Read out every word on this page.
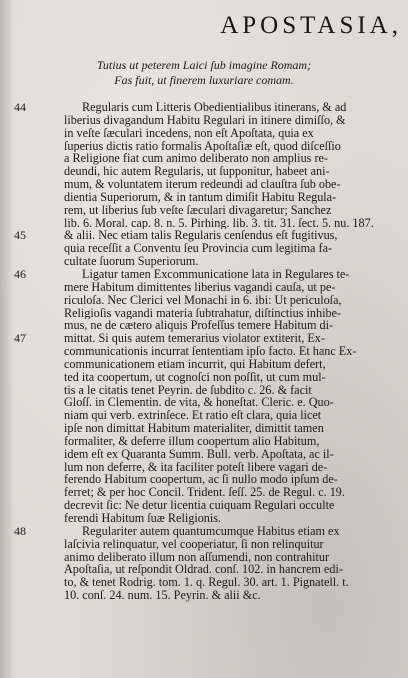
APOSTASIA,
Tutius ut peterem Laici ſub imagine Romam;
Fas fuit, ut finerem luxuriare comam.
44	Regularis cum Litteris Obedientialibus itinerans, & ad
liberius divagandum Habitu Regulari in itinere dimiſſo, &
in veſte ſæculari incedens, non eſt Apoſtata, quia ex
ſuperius dictis ratio formalis Apoſtaſiæ eſt, quod diſceſſio
a Religione fiat cum animo deliberato non amplius re-
deundi, hic autem Regularis, ut ſupponitur, habeet ani-
mum, & voluntatem iterum redeundi ad clauſtra ſub obe-
dientia Superiorum, & in tantum dimiſit Habitu Regula-
rem, ut liberius ſub veſte ſæculari divagaretur; Sanchez
lib. 6. Moral. cap. 8. n. 5. Pirhing. lib. 3. tit. 31. ſect. 5. nu. 187.
45	& alii. Nec etiam talis Regularis cenſendus eſt fugitivus,
quia receſſit a Conventu ſeu Provincia cum legitima fa-
cultate ſuorum Superiorum.
46	Ligatur tamen Excommunicatione lata in Regulares te-
mere Habitum dimittentes liberius vagandi cauſa, ut pe-
riculoſa. Nec Clerici vel Monachi in 6. ibi: Ut periculoſa,
Religioſis vagandi materia ſubtrahatur, diſtinctius inhibe-
mus, ne de cætero aliquis Profeſſus temere Habitum di-
47	mittat. Si quis autem temerarius violator extiterit, Ex-
communicationis incurrat ſententiam ipſo facto. Et hanc Ex-
communicationem etiam incurrit, qui Habitum defert,
ted ita coopertum, ut cognoſci non poſſit, ut cum mul-
tis a le citatis tenet Peyrin. de ſubdito c. 26. & facit
Gloſſ. in Clementin. de vita, & honeſtat. Cleric. e. Quo-
niam qui verb. extrinſece. Et ratio eſt clara, quia licet
ipſe non dimittat Habitum materialiter, dimittit tamen
formaliter, & deferre illum coopertum alio Habitum,
idem eſt ex Quaranta Summ. Bull. verb. Apoſtata, ac il-
lum non deferre, & ita faciliter poteſt libere vagari de-
ferendo Habitum coopertum, ac ſi nullo modo ipſum de-
ferret; & per hoc Concil. Trident. ſeſſ. 25. de Regul. c. 19.
decrevit ſic: Ne detur licentia cuiquam Regulari occulte
ferendi Habitum ſuæ Religionis.
48	Regulariter autem quantumcumque Habitus etiam ex
laſcivia relinquatur, vel cooperiatur, ſi non relinquitur
animo deliberato illum non aſſumendi, non contrahitur
Apoſtaſia, ut reſpondit Oldrad. conſ. 102. in hancrem edi-
to, & tenet Rodrig. tom. 1. q. Regul. 30. art. 1. Pignatell. t.
10. conſ. 24. num. 15. Peyrin. & alii &c.
